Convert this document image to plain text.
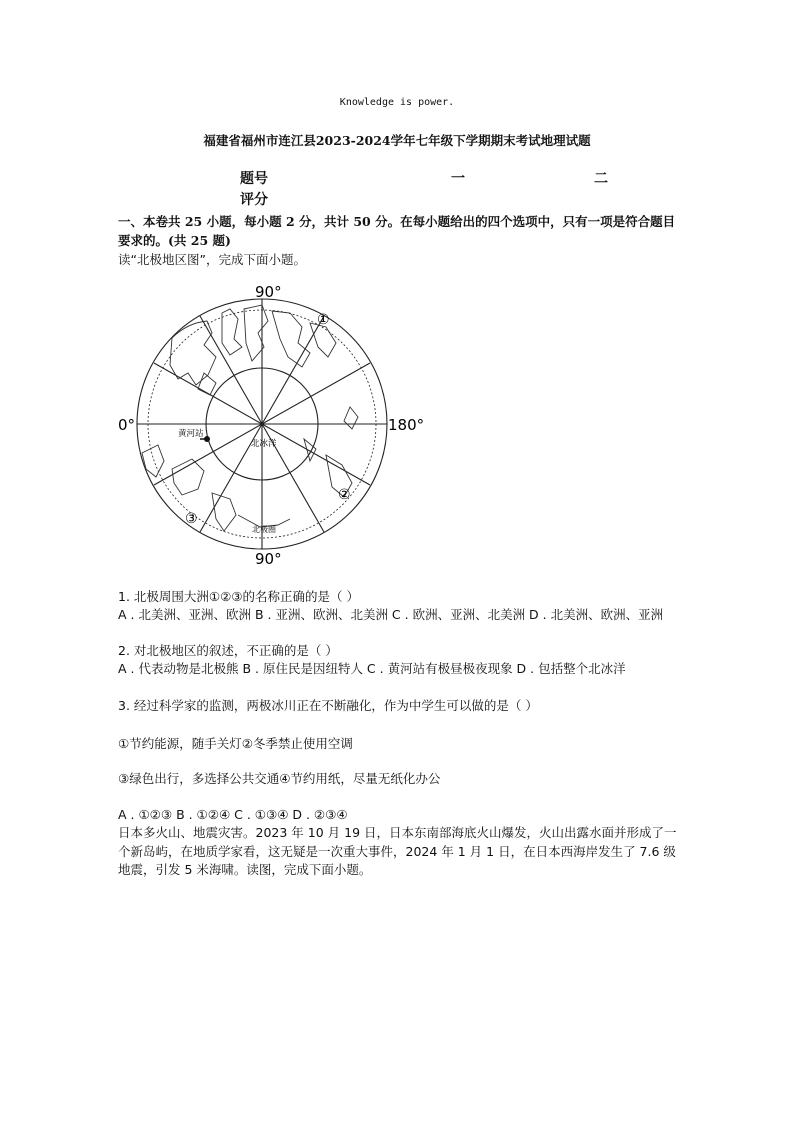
Knowledge is power.
福建省福州市连江县2023-2024学年七年级下学期期末考试地理试题
题号	一	二
评分
一、本卷共 25 小题，每小题 2 分，共计 50 分。在每小题给出的四个选项中，只有一项是符合题目要求的。(共 25 题)
读“北极地区图”，完成下面小题。
90°
90°
0°	180°
黄河站
北冰洋
北极圈
①
②
③
1. 北极周围大洲①②③的名称正确的是（ ）
A . 北美洲、亚洲、欧洲 B . 亚洲、欧洲、北美洲 C . 欧洲、亚洲、北美洲 D . 北美洲、欧洲、亚洲
2. 对北极地区的叙述，不正确的是（ ）
A . 代表动物是北极熊 B . 原住民是因纽特人 C . 黄河站有极昼极夜现象 D . 包括整个北冰洋
3. 经过科学家的监测，两极冰川正在不断融化，作为中学生可以做的是（ ）
①节约能源，随手关灯②冬季禁止使用空调
③绿色出行，多选择公共交通④节约用纸，尽量无纸化办公
A . ①②③ B . ①②④ C . ①③④ D . ②③④
日本多火山、地震灾害。2023 年 10 月 19 日，日本东南部海底火山爆发，火山出露水面并形成了一个新岛屿，在地质学家看，这无疑是一次重大事件，2024 年 1 月 1 日，在日本西海岸发生了 7.6 级地震，引发 5 米海啸。读图，完成下面小题。
